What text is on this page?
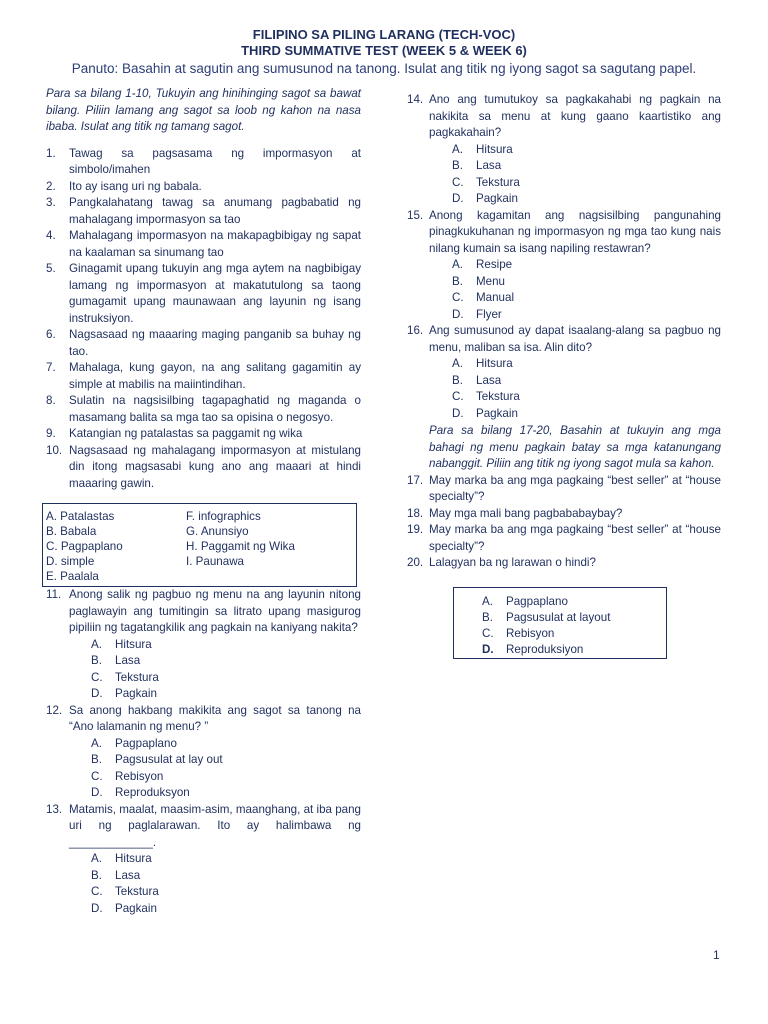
FILIPINO SA PILING LARANG (TECH-VOC)
THIRD SUMMATIVE TEST (WEEK 5 & WEEK 6)
Panuto: Basahin at sagutin ang sumusunod na tanong. Isulat ang titik ng iyong sagot sa sagutang papel.

Para sa bilang 1-10, Tukuyin ang hinihinging sagot sa bawat bilang. Piliin lamang ang sagot sa loob ng kahon na nasa ibaba. Isulat ang titik ng tamang sagot.

1.	Tawag sa pagsasama ng impormasyon at simbolo/imahen
2.	Ito ay isang uri ng babala.
3.	Pangkalahatang tawag sa anumang pagbabatid ng mahalagang impormasyon sa tao
4.	Mahalagang impormasyon na makapagbibigay ng sapat na kaalaman sa sinumang tao
5.	Ginagamit upang tukuyin ang mga aytem na nagbibigay lamang ng impormasyon at makatutulong sa taong gumagamit upang maunawaan ang layunin ng isang instruksiyon.
6.	Nagsasaad ng maaaring maging panganib sa buhay ng tao.
7.	Mahalaga, kung gayon, na ang salitang gagamitin ay simple at mabilis na maiintindihan.
8.	Sulatin na nagsisilbing tagapaghatid ng maganda o masamang balita sa mga tao sa opisina o negosyo.
9.	Katangian ng patalastas sa paggamit ng wika
10. Nagsasaad ng mahalagang impormasyon at mistulang din itong magsasabi kung ano ang maaari at hindi maaaring gawin.
A. Patalastas	F. infographics
B. Babala	G. Anunsiyo
C. Pagpaplano	H. Paggamit ng Wika
D. simple	I. Paunawa
E. Paalala
11. Anong salik ng pagbuo ng menu na ang layunin nitong paglawayin ang tumitingin sa litrato upang masigurog pipiliin ng tagatangkilik ang pagkain na kaniyang nakita?
A.	Hitsura
B.	Lasa
C.	Tekstura
D.	Pagkain
12. Sa anong hakbang makikita ang sagot sa tanong na “Ano lalamanin ng menu? ”
A.	Pagpaplano
B.	Pagsusulat at lay out
C.	Rebisyon
D.	Reproduksyon
13. Matamis, maalat, maasim-asim, maanghang, at iba pang uri ng paglalarawan. Ito ay halimbawa ng _____________.
A.	Hitsura
B.	Lasa
C.	Tekstura
D.	Pagkain
14. Ano ang tumutukoy sa pagkakahabi ng pagkain na nakikita sa menu at kung gaano kaartistiko ang pagkakahain?
A.	Hitsura
B.	Lasa
C.	Tekstura
D.	Pagkain
15. Anong kagamitan ang nagsisilbing pangunahing pinagkukuhanan ng impormasyon ng mga tao kung nais nilang kumain sa isang napiling restawran?
A.	Resipe
B.	Menu
C.	Manual
D.	Flyer
16. Ang sumusunod ay dapat isaalang-alang sa pagbuo ng menu, maliban sa isa. Alin dito?
A.	Hitsura
B.	Lasa
C.	Tekstura
D.	Pagkain

Para sa bilang 17-20, Basahin at tukuyin ang mga bahagi ng menu pagkain batay sa mga katanungang nabanggit. Piliin ang titik ng iyong sagot mula sa kahon.

17. May marka ba ang mga pagkaing “best seller” at “house specialty”?
18. May mga mali bang pagbababaybay?
19. May marka ba ang mga pagkaing “best seller” at “house specialty”?
20. Lalagyan ba ng larawan o hindi?
A.	Pagpaplano
B.	Pagsusulat at layout
C.	Rebisyon
D.	Reproduksiyon
1
